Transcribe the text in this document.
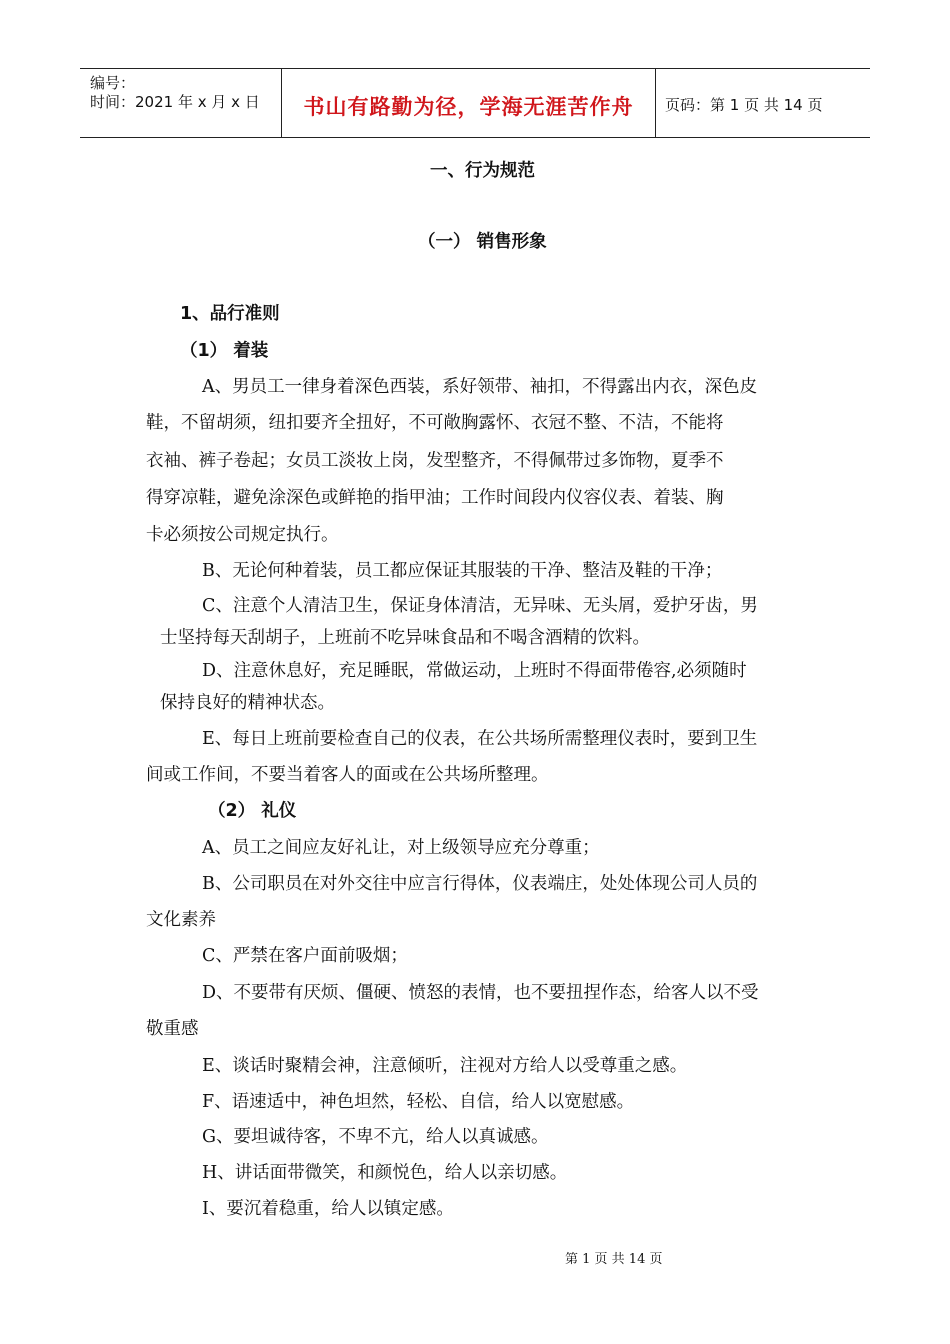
编号：
时间：2021 年 x 月 x 日	书山有路勤为径，学海无涯苦作舟	页码：第 1 页 共 14 页
一、行为规范
（一） 销售形象
1、品行准则
（1） 着装
A、男员工一律身着深色西装，系好领带、袖扣，不得露出内衣，深色皮
鞋，不留胡须，纽扣要齐全扭好，不可敞胸露怀、衣冠不整、不洁，不能将
衣袖、裤子卷起；女员工淡妆上岗，发型整齐，不得佩带过多饰物，夏季不
得穿凉鞋，避免涂深色或鲜艳的指甲油；工作时间段内仪容仪表、着装、胸
卡必须按公司规定执行。
B、无论何种着装，员工都应保证其服装的干净、整洁及鞋的干净；
C、注意个人清洁卫生，保证身体清洁，无异味、无头屑，爱护牙齿，男
士坚持每天刮胡子，上班前不吃异味食品和不喝含酒精的饮料。
D、注意休息好，充足睡眠，常做运动，上班时不得面带倦容,必须随时
保持良好的精神状态。
E、每日上班前要检查自己的仪表，在公共场所需整理仪表时，要到卫生
间或工作间，不要当着客人的面或在公共场所整理。
（2） 礼仪
A、员工之间应友好礼让，对上级领导应充分尊重；
B、公司职员在对外交往中应言行得体，仪表端庄，处处体现公司人员的
文化素养
C、严禁在客户面前吸烟；
D、不要带有厌烦、僵硬、愤怒的表情，也不要扭捏作态，给客人以不受
敬重感
E、谈话时聚精会神，注意倾听，注视对方给人以受尊重之感。
F、语速适中，神色坦然，轻松、自信，给人以宽慰感。
G、要坦诚待客，不卑不亢，给人以真诚感。
H、讲话面带微笑，和颜悦色，给人以亲切感。
I、要沉着稳重，给人以镇定感。
第 1 页 共 14 页
